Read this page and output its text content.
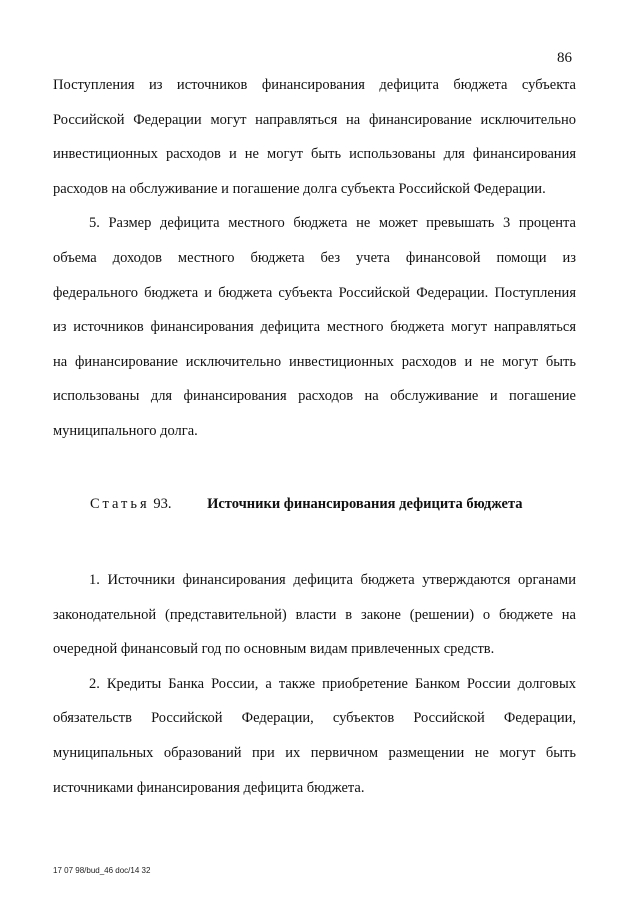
86
Поступления из источников финансирования дефицита бюджета субъекта
Российской Федерации могут направляться на финансирование исключительно
инвестиционных расходов и не могут быть использованы для финансирования
расходов на обслуживание и погашение долга субъекта Российской Федерации.
5. Размер дефицита местного бюджета не может превышать 3 процента
объема доходов местного бюджета без учета финансовой помощи из
федерального бюджета и бюджета субъекта Российской Федерации. Поступления
из источников финансирования дефицита местного бюджета могут направляться
на финансирование исключительно инвестиционных расходов и не могут быть
использованы для финансирования расходов на обслуживание и погашение
муниципального долга.
Статья 93. Источники финансирования дефицита бюджета
1. Источники финансирования дефицита бюджета утверждаются органами
законодательной (представительной) власти в законе (решении) о бюджете на
очередной финансовый год по основным видам привлеченных средств.
2. Кредиты Банка России, а также приобретение Банком России долговых
обязательств Российской Федерации, субъектов Российской Федерации,
муниципальных образований при их первичном размещении не могут быть
источниками финансирования дефицита бюджета.
17 07 98/bud_46 doc/14 32
